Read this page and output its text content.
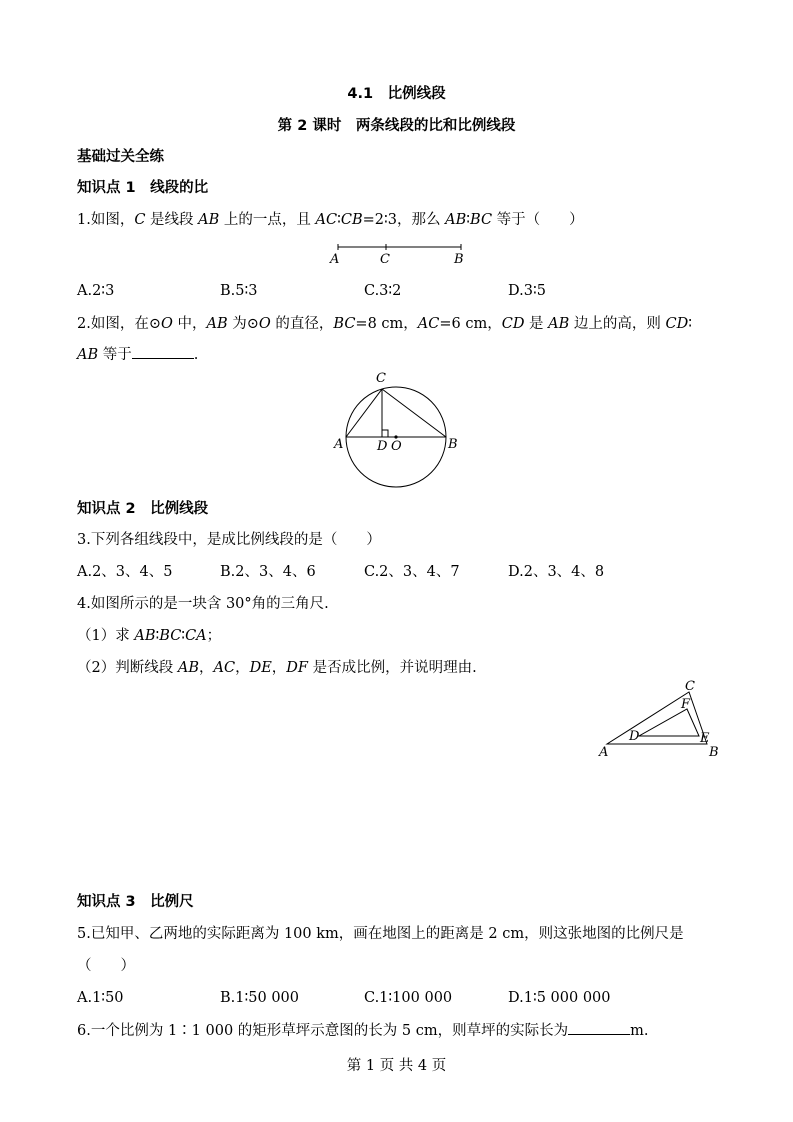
4.1　比例线段
第 2 课时　两条线段的比和比例线段
基础过关全练
知识点 1　 线段的比
1.如图，C 是线段 AB 上的一点，且 AC∶CB=2∶3，那么 AB∶BC 等于（　　）
A	C	B
A.2∶3	B.5∶3	C.3∶2	D.3∶5
2.如图，在⊙O 中，AB 为⊙O 的直径，BC=8 cm，AC=6 cm，CD 是 AB 边上的高，则 CD∶
AB 等于	.
C
A	D O	B
知识点 2　 比例线段
3.下列各组线段中，是成比例线段的是（　　）
A.2、3、4、5	B.2、3、4、6	C.2、3、4、7	D.2、3、4、8
4.如图所示的是一块含 30°角的三角尺.
（1）求 AB∶BC∶CA；
（2）判断线段 AB，AC，DE，DF 是否成比例，并说明理由.
C
F
D	E
A	B
知识点 3　 比例尺
5.已知甲、乙两地的实际距离为 100 km，画在地图上的距离是 2 cm，则这张地图的比例尺是
（　　）
A.1∶50	B.1∶50 000	C.1∶100 000	D.1∶5 000 000
6.一个比例为 1∶1 000 的矩形草坪示意图的长为 5 cm，则草坪的实际长为	m.
第 1 页 共 4 页
